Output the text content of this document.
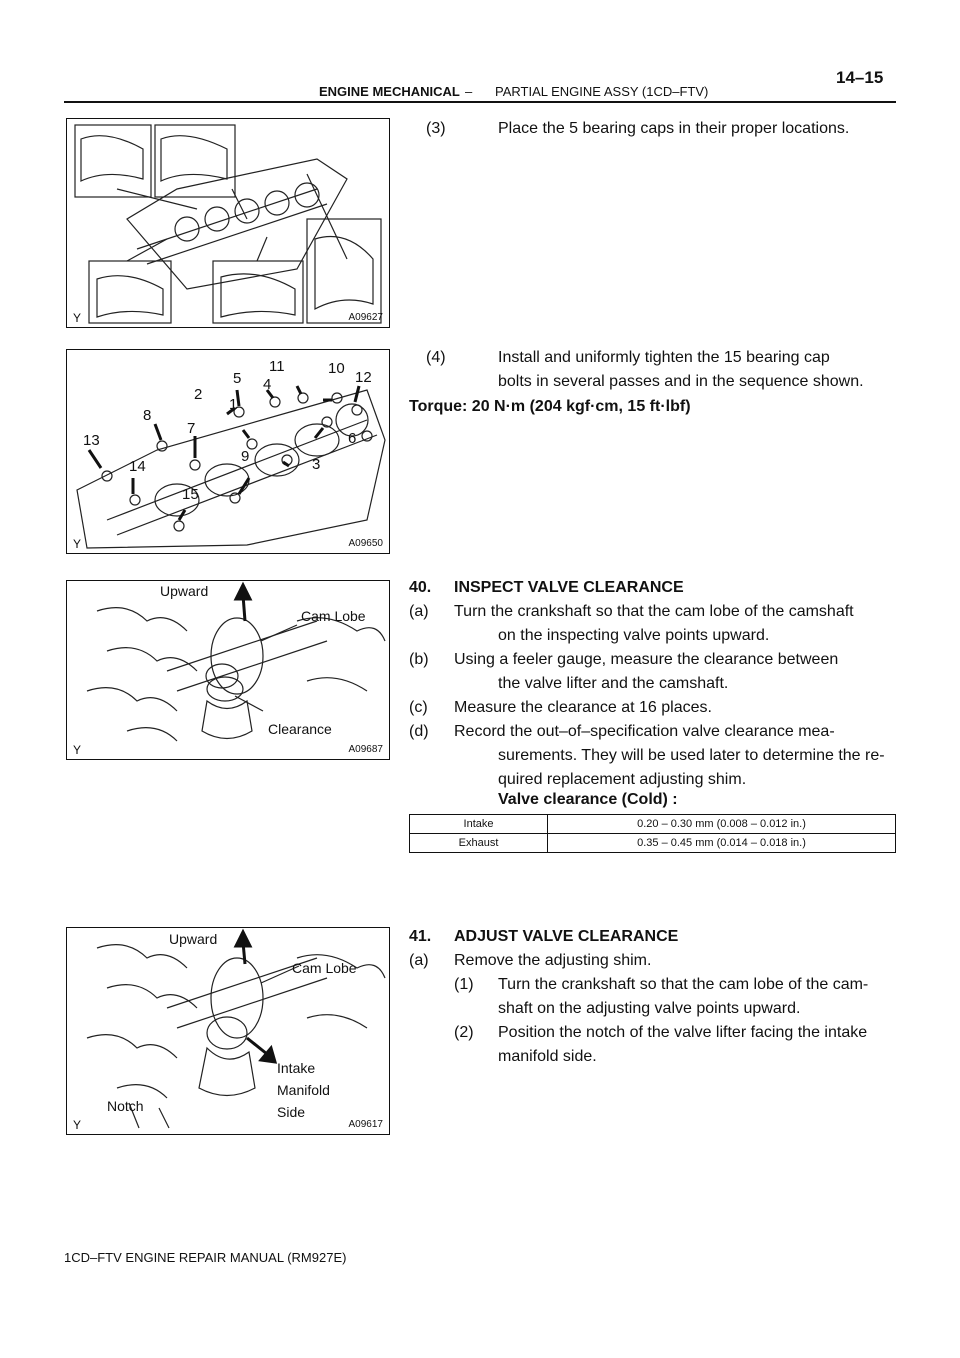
ENGINE MECHANICAL – PARTIAL ENGINE ASSY (1CD–FTV)
14–15
Y	A09627
11	10
5 4	12
2
1
8
7
6
13
9	3
14
15
Y	A09650
Upward
Cam Lobe
Clearance
Y	A09687
Upward
Cam Lobe
Intake
Manifold
Side
Notch
Y	A09617
(3)	Place the 5 bearing caps in their proper locations.
(4)	Install and uniformly tighten the 15 bearing cap
bolts in several passes and in the sequence shown.
Torque: 20 N·m (204 kgf·cm, 15 ft·lbf)
40. INSPECT VALVE CLEARANCE
(a) Turn the crankshaft so that the cam lobe of the camshaft
on the inspecting valve points upward.
(b) Using a feeler gauge, measure the clearance between
the valve lifter and the camshaft.
(c) Measure the clearance at 16 places.
(d) Record the out–of–specification valve clearance mea-
surements. They will be used later to determine the re-
quired replacement adjusting shim.
Valve clearance (Cold) :
Intake	0.20 – 0.30 mm (0.008 – 0.012 in.)
Exhaust	0.35 – 0.45 mm (0.014 – 0.018 in.)
41. ADJUST VALVE CLEARANCE
(a) Remove the adjusting shim.
(1) Turn the crankshaft so that the cam lobe of the cam-
shaft on the adjusting valve points upward.
(2) Position the notch of the valve lifter facing the intake
manifold side.
1CD–FTV ENGINE REPAIR MANUAL (RM927E)
